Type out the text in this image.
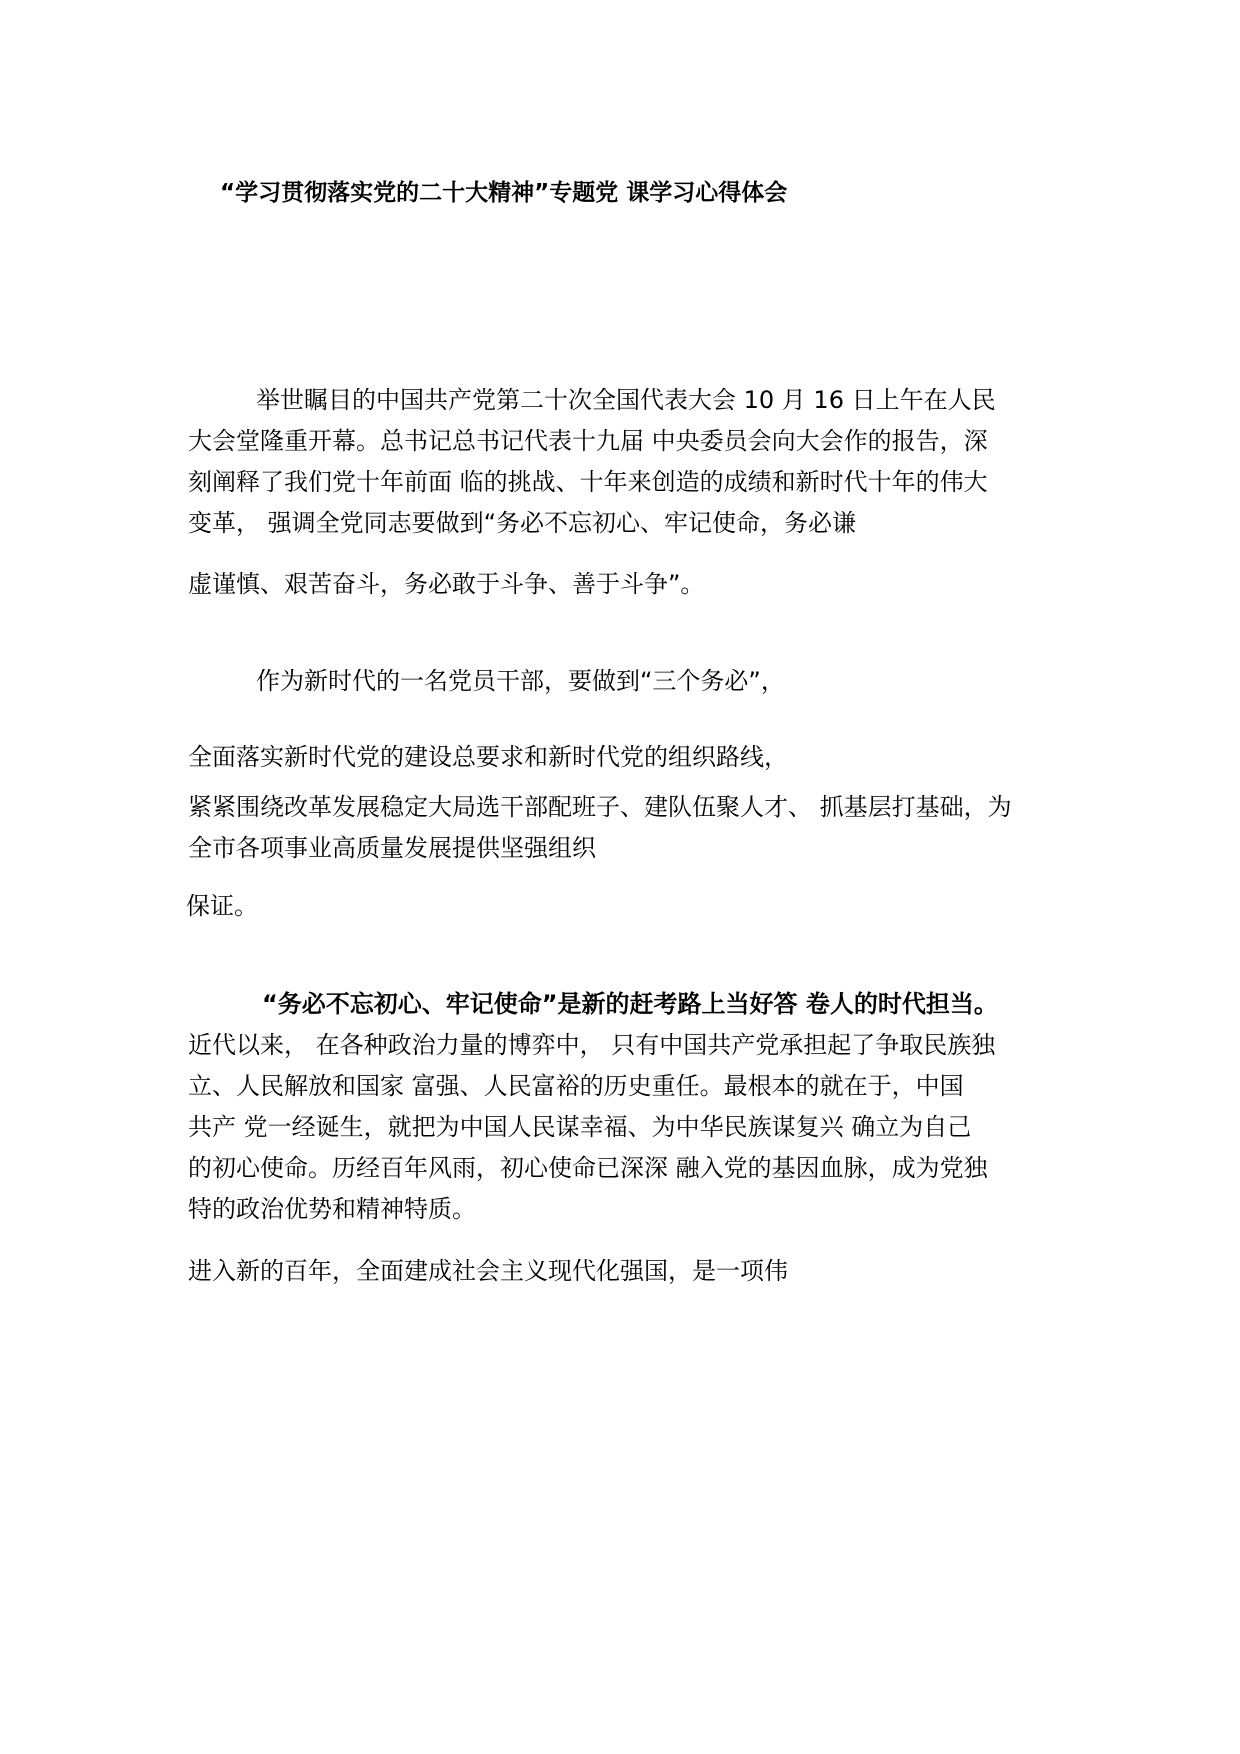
“学习贯彻落实党的二十大精神”专题党 课学习心得体会
举世瞩目的中国共产党第二十次全国代表大会 10 月 16 日上午在人民
大会堂隆重开幕。总书记总书记代表十九届 中央委员会向大会作的报告，深
刻阐释了我们党十年前面 临的挑战、十年来创造的成绩和新时代十年的伟大
变革， 强调全党同志要做到“务必不忘初心、牢记使命，务必谦
虚谨慎、艰苦奋斗，务必敢于斗争、善于斗争”。
作为新时代的一名党员干部，要做到“三个务必”，
全面落实新时代党的建设总要求和新时代党的组织路线，
紧紧围绕改革发展稳定大局选干部配班子、建队伍聚人才、 抓基层打基础，为
全市各项事业高质量发展提供坚强组织
保证。
“务必不忘初心、牢记使命”是新的赶考路上当好答 卷人的时代担当。
近代以来， 在各种政治力量的博弈中， 只有中国共产党承担起了争取民族独
立、人民解放和国家 富强、人民富裕的历史重任。最根本的就在于，中国
共产 党一经诞生，就把为中国人民谋幸福、为中华民族谋复兴 确立为自己
的初心使命。历经百年风雨，初心使命已深深 融入党的基因血脉，成为党独
特的政治优势和精神特质。
进入新的百年，全面建成社会主义现代化强国，是一项伟
